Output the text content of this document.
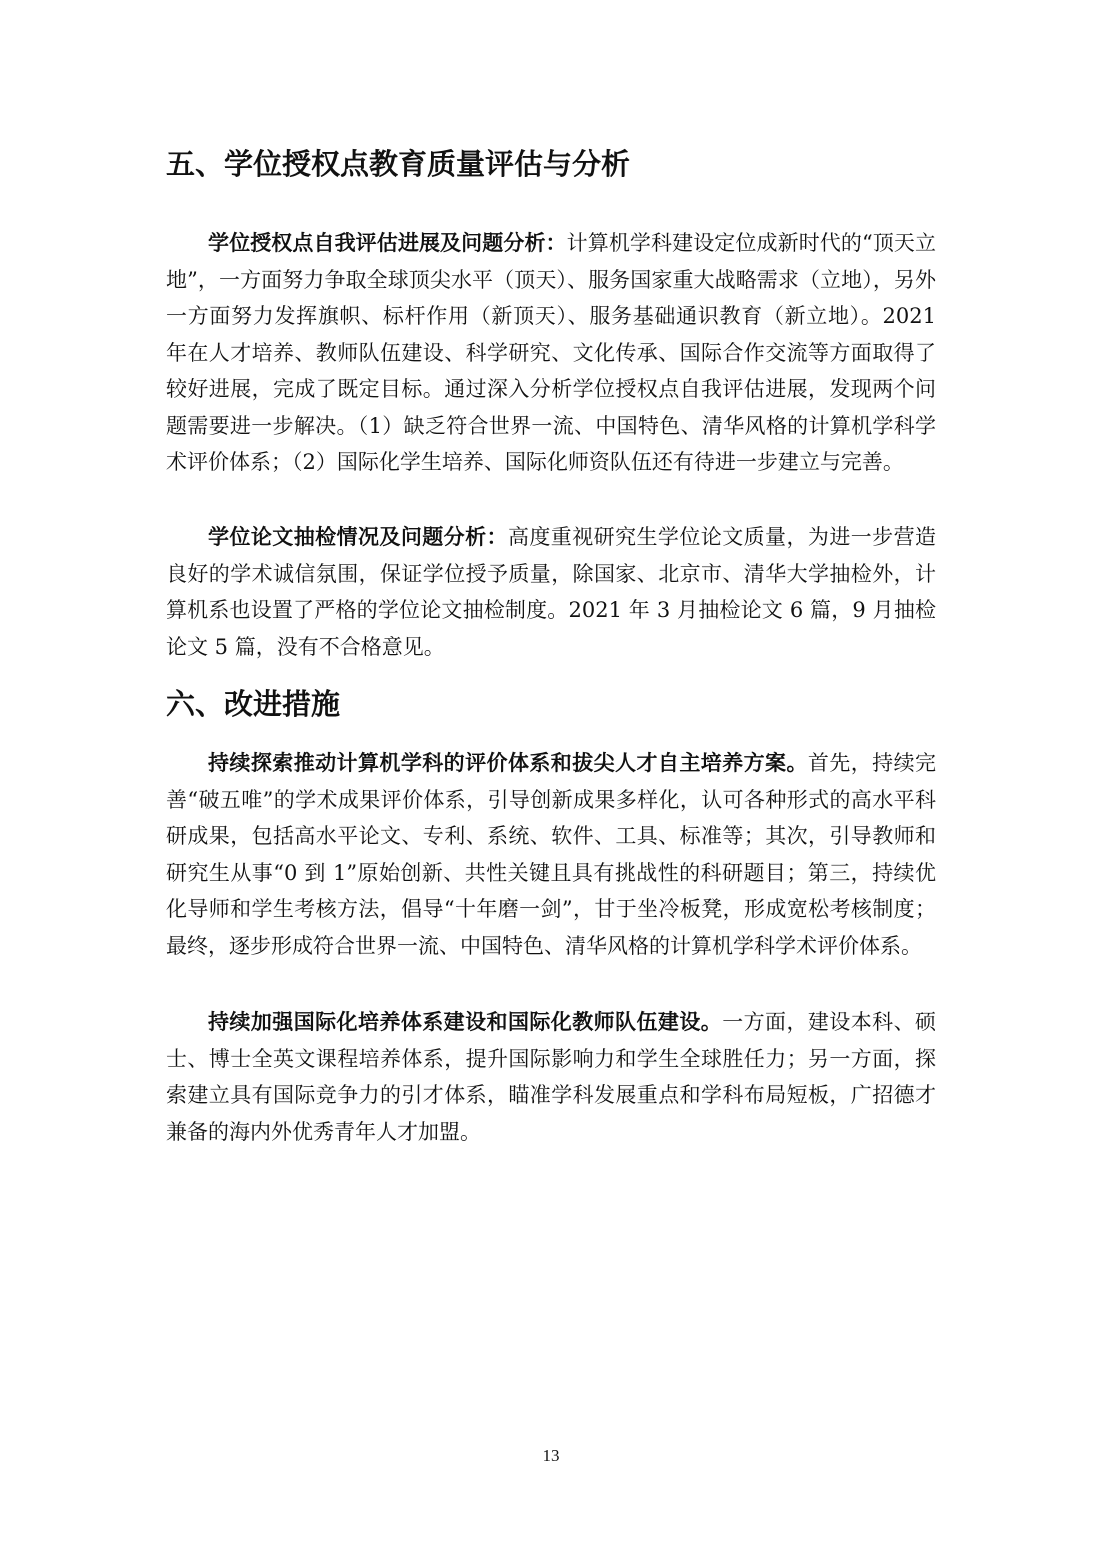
五、学位授权点教育质量评估与分析

学位授权点自我评估进展及问题分析：计算机学科建设定位成新时代的“顶天立地”，一方面努力争取全球顶尖水平（顶天）、服务国家重大战略需求（立地），另外一方面努力发挥旗帜、标杆作用（新顶天）、服务基础通识教育（新立地）。2021 年在人才培养、教师队伍建设、科学研究、文化传承、国际合作交流等方面取得了较好进展，完成了既定目标。通过深入分析学位授权点自我评估进展，发现两个问题需要进一步解决。（1）缺乏符合世界一流、中国特色、清华风格的计算机学科学术评价体系；（2）国际化学生培养、国际化师资队伍还有待进一步建立与完善。

学位论文抽检情况及问题分析：高度重视研究生学位论文质量，为进一步营造良好的学术诚信氛围，保证学位授予质量，除国家、北京市、清华大学抽检外，计算机系也设置了严格的学位论文抽检制度。2021 年 3 月抽检论文 6 篇，9 月抽检论文 5 篇，没有不合格意见。

六、改进措施

持续探索推动计算机学科的评价体系和拔尖人才自主培养方案。首先，持续完善“破五唯”的学术成果评价体系，引导创新成果多样化，认可各种形式的高水平科研成果，包括高水平论文、专利、系统、软件、工具、标准等；其次，引导教师和研究生从事“0 到 1”原始创新、共性关键且具有挑战性的科研题目；第三，持续优化导师和学生考核方法，倡导“十年磨一剑”，甘于坐冷板凳，形成宽松考核制度；最终，逐步形成符合世界一流、中国特色、清华风格的计算机学科学术评价体系。

持续加强国际化培养体系建设和国际化教师队伍建设。一方面，建设本科、硕士、博士全英文课程培养体系，提升国际影响力和学生全球胜任力；另一方面，探索建立具有国际竞争力的引才体系，瞄准学科发展重点和学科布局短板，广招德才兼备的海内外优秀青年人才加盟。

13
